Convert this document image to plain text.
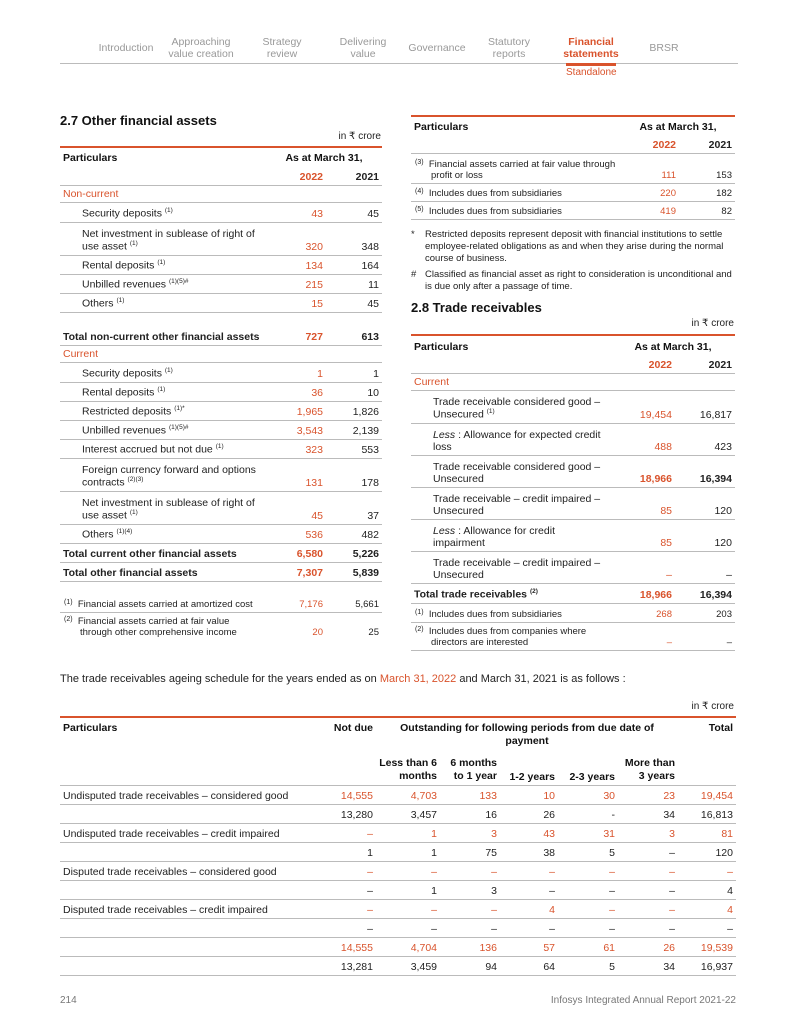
Introduction	Approaching
value creation
Strategy
review
Delivering
value	Governance Statutory
reports
Financial
statements	BRSR
Standalone
2.7 Other financial assets
in ₹ crore
Particulars	As at March 31,	
	2022	2021
Non-current		
Security deposits $^{(1)}$	43	45
Net investment in sublease of right of use asset $^{(1)}$	320	348
Rental deposits $^{(1)}$	134	164
Unbilled revenues $^{(1)(5)\#}$	215	11
Others $^{(1)}$	15	45
Total non-current other financial assets	727	613
Current		
Security deposits $^{(1)}$	1	1
Rental deposits $^{(1)}$	36	10
Restricted deposits $^{(1)*}$	1,965	1,826
Unbilled revenues $^{(1)(5)\#}$	3,543	2,139
Interest accrued but not due $^{(1)}$	323	553
Foreign currency forward and options contracts $^{(2)(3)}$	131	178
Net investment in sublease of right of use asset $^{(1)}$	45	37
Others $^{(1)(4)}$	536	482
Total current other financial assets	6,580	5,226
Total other financial assets	7,307	5,839
$^{(1)}$ Financial assets carried at amortized cost	7,176	5,661
$^{(2)}$ Financial assets carried at fair value through other comprehensive income	20	25
Particulars	As at March 31,	
	2022	2021
$^{(3)}$ Financial assets carried at fair value through profit or loss	111	153
$^{(4)}$ Includes dues from subsidiaries	220	182
$^{(5)}$ Includes dues from subsidiaries	419	82
*	Restricted deposits represent deposit with financial institutions to settle employee-related obligations as and when they arise during the normal course of business.
# Classified as financial asset as right to consideration is unconditional and is due only after a passage of time.
2.8 Trade receivables
in ₹ crore
Particulars	As at March 31,	
	2022	2021
Current		
Trade receivable considered good – Unsecured $^{(1)}$	19,454	16,817
Less : Allowance for expected credit loss	488	423
Trade receivable considered good – Unsecured	18,966	16,394
Trade receivable – credit impaired – Unsecured	85	120
Less : Allowance for credit impairment	85	120
Trade receivable – credit impaired – Unsecured	–	–
Total trade receivables $^{(2)}$	18,966	16,394
$^{(1)}$ Includes dues from subsidiaries	268	203
$^{(2)}$ Includes dues from companies where directors are interested	–	–
The trade receivables ageing schedule for the years ended as on March 31, 2022 and March 31, 2021 is as follows :
in ₹ crore
Particulars	Not due	Outstanding for following periods from due date of payment					Total
		Less than 6 months	6 months to 1 year	1-2 years	2-3 years	More than 3 years	
Undisputed trade receivables – considered good	14,555	4,703	133	10	30	23	19,454
	13,280	3,457	16	26	-	34	16,813
Undisputed trade receivables – credit impaired	–	1	3	43	31	3	81
	1	1	75	38	5	–	120
Disputed trade receivables – considered good	–	–	–	–	–	–	–
	–	1	3	–	–	–	4
Disputed trade receivables – credit impaired	–	–	–	4	–	–	4
	–	–	–	–	–	–	–
	14,555	4,704	136	57	61	26	19,539
	13,281	3,459	94	64	5	34	16,937
214	Infosys Integrated Annual Report 2021-22
